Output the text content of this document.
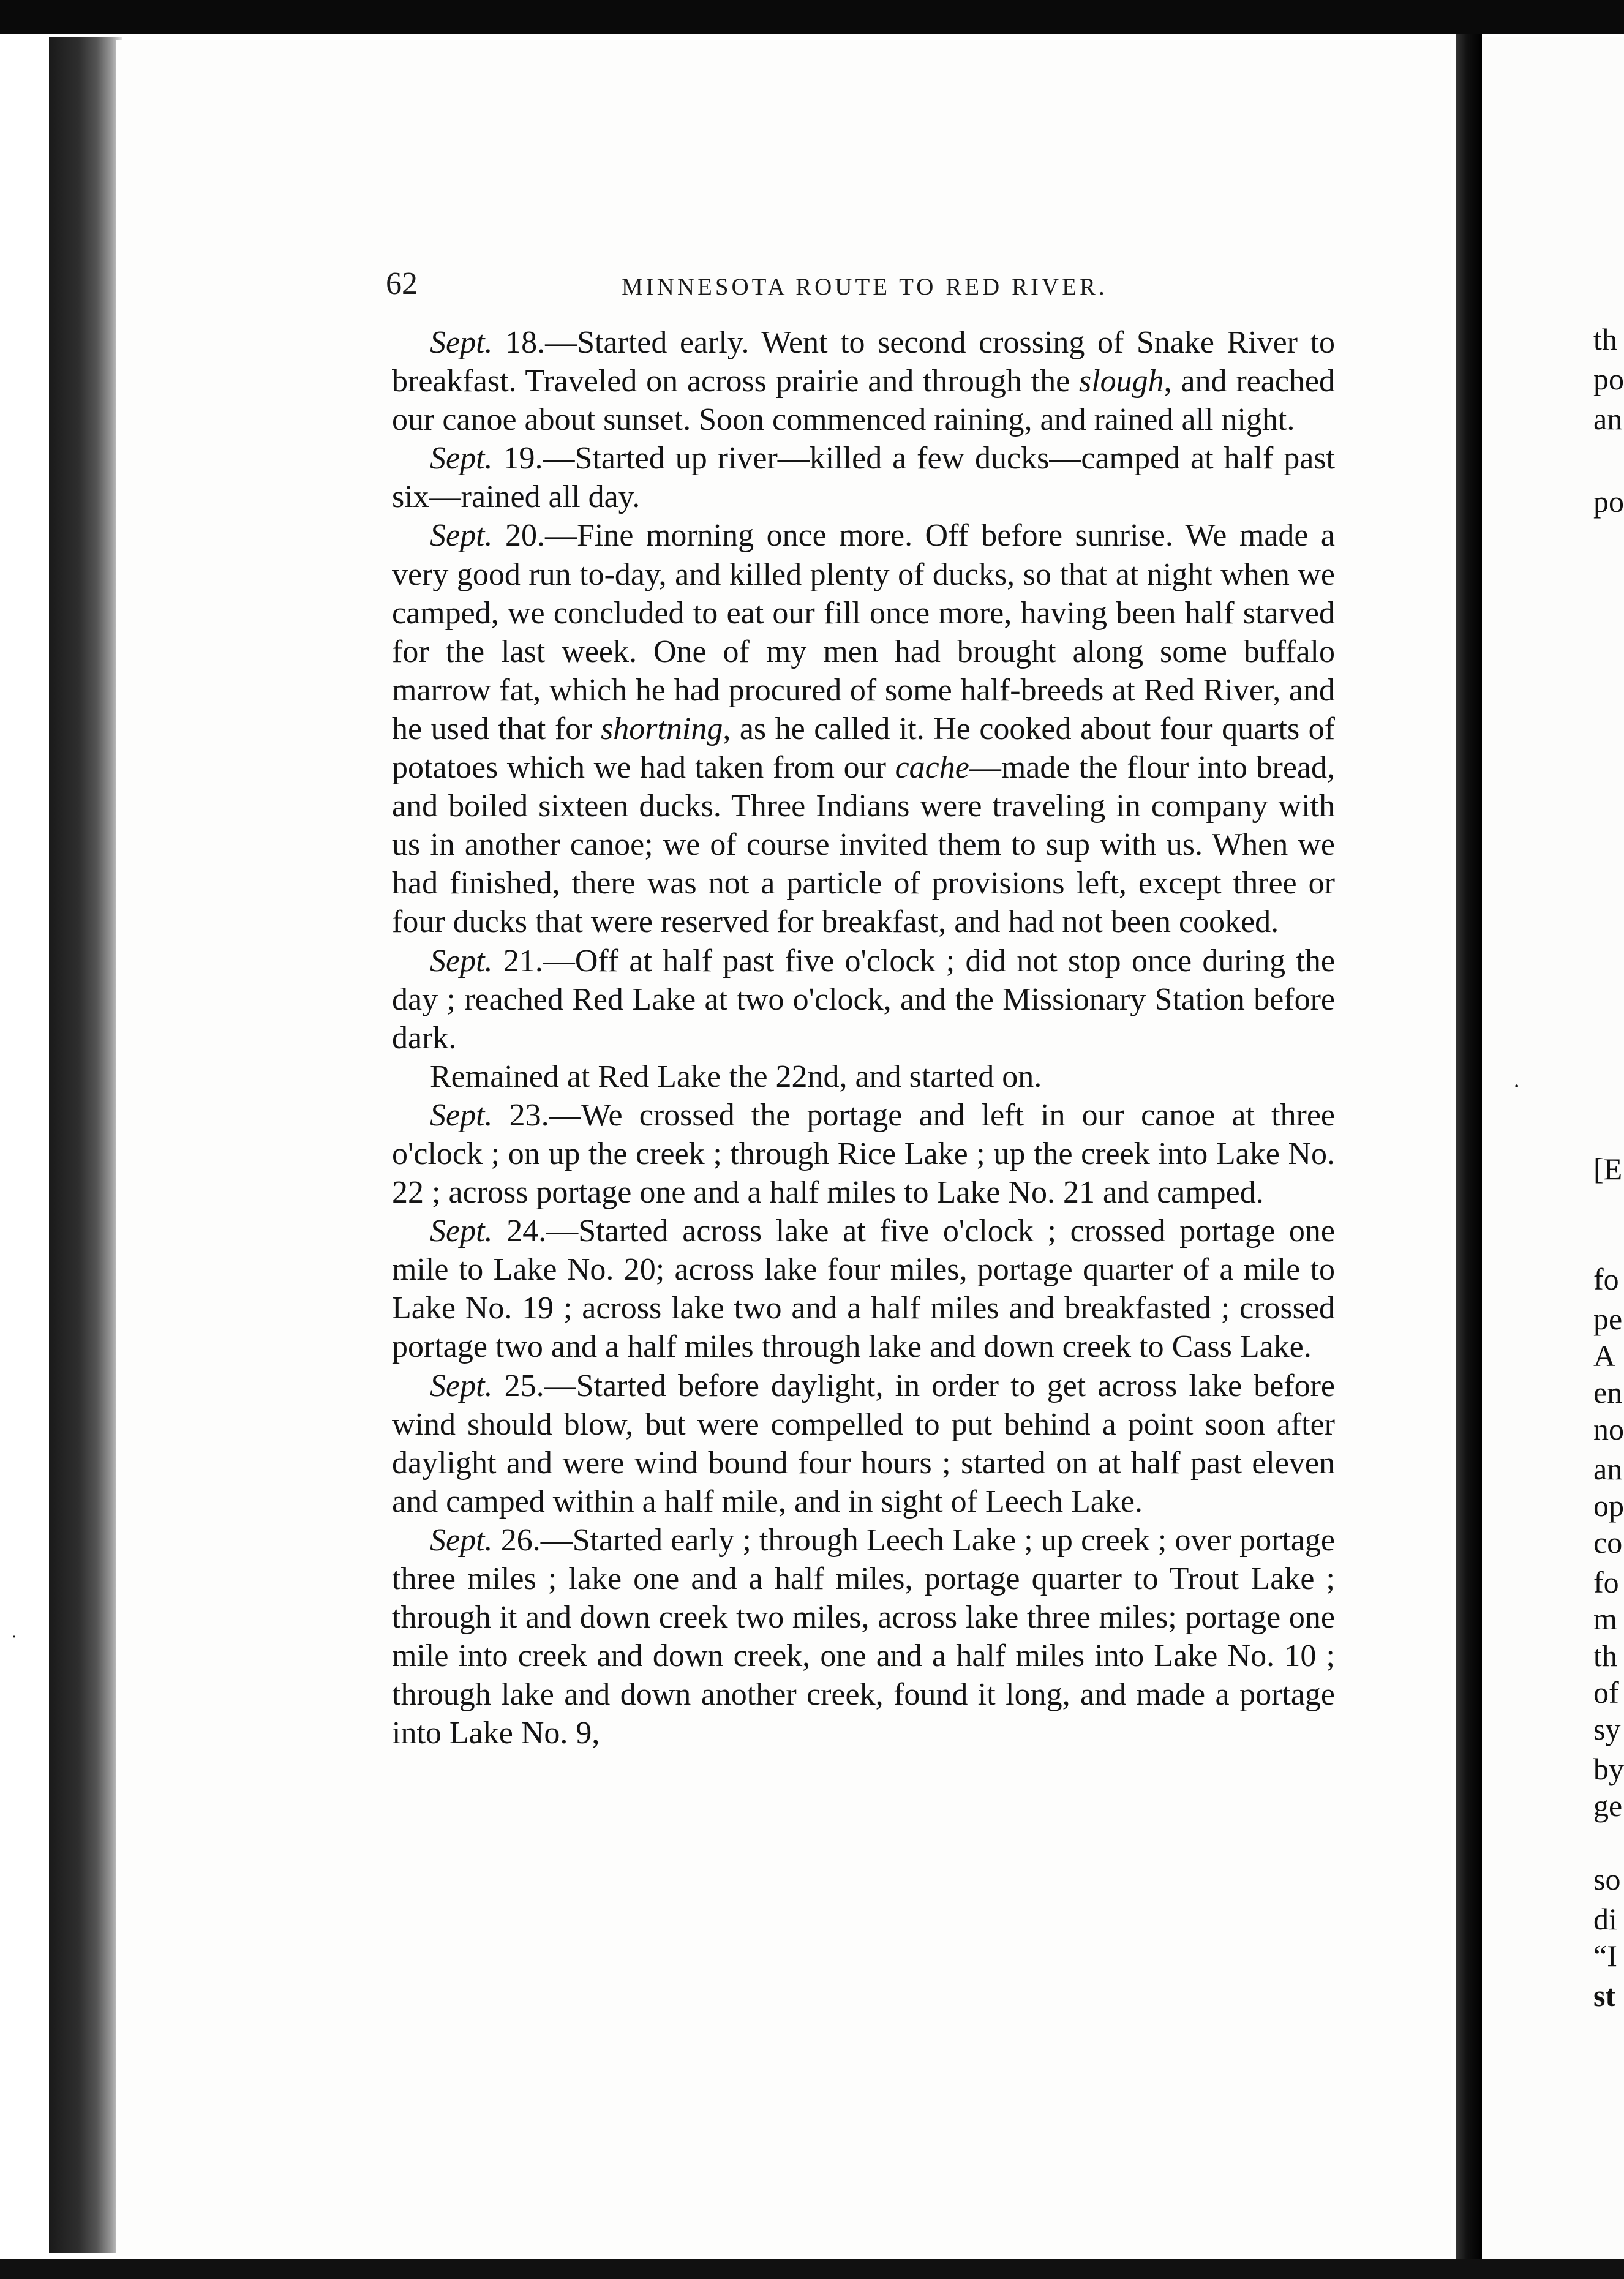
62	MINNESOTA ROUTE TO RED RIVER.

Sept. 18.—Started early. Went to second crossing of Snake River to breakfast. Traveled on across prairie and through the slough, and reached our canoe about sunset. Soon commenced raining, and rained all night.

Sept. 19.—Started up river—killed a few ducks—camped at half past six—rained all day.

Sept. 20.—Fine morning once more. Off before sunrise. We made a very good run to-day, and killed plenty of ducks, so that at night when we camped, we concluded to eat our fill once more, having been half starved for the last week. One of my men had brought along some buffalo marrow fat, which he had procured of some half-breeds at Red River, and he used that for shortning, as he called it. He cooked about four quarts of potatoes which we had taken from our cache—made the flour into bread, and boiled sixteen ducks. Three Indians were traveling in company with us in another canoe; we of course invited them to sup with us. When we had finished, there was not a particle of provisions left, except three or four ducks that were reserved for breakfast, and had not been cooked.

Sept. 21.—Off at half past five o'clock ; did not stop once during the day ; reached Red Lake at two o'clock, and the Missionary Station before dark.

Remained at Red Lake the 22nd, and started on.

Sept. 23.—We crossed the portage and left in our canoe at three o'clock ; on up the creek ; through Rice Lake ; up the creek into Lake No. 22 ; across portage one and a half miles to Lake No. 21 and camped.

Sept. 24.—Started across lake at five o'clock ; crossed portage one mile to Lake No. 20; across lake four miles, portage quarter of a mile to Lake No. 19 ; across lake two and a half miles and breakfasted ; crossed portage two and a half miles through lake and down creek to Cass Lake.

Sept. 25.—Started before daylight, in order to get across lake before wind should blow, but were compelled to put behind a point soon after daylight and were wind bound four hours ; started on at half past eleven and camped within a half mile, and in sight of Leech Lake.

Sept. 26.—Started early ; through Leech Lake ; up creek ; over portage three miles ; lake one and a half miles, portage quarter to Trout Lake ; through it and down creek two miles, across lake three miles; portage one mile into creek and down creek, one and a half miles into Lake No. 10 ; through lake and down another creek, found it long, and made a portage into Lake No. 9,

th
po
an
po
[E
fo
pe
A
en
no
an
op
co
fo
m
th
of
sy
by
ge
so
di
“I
st
·
˙
